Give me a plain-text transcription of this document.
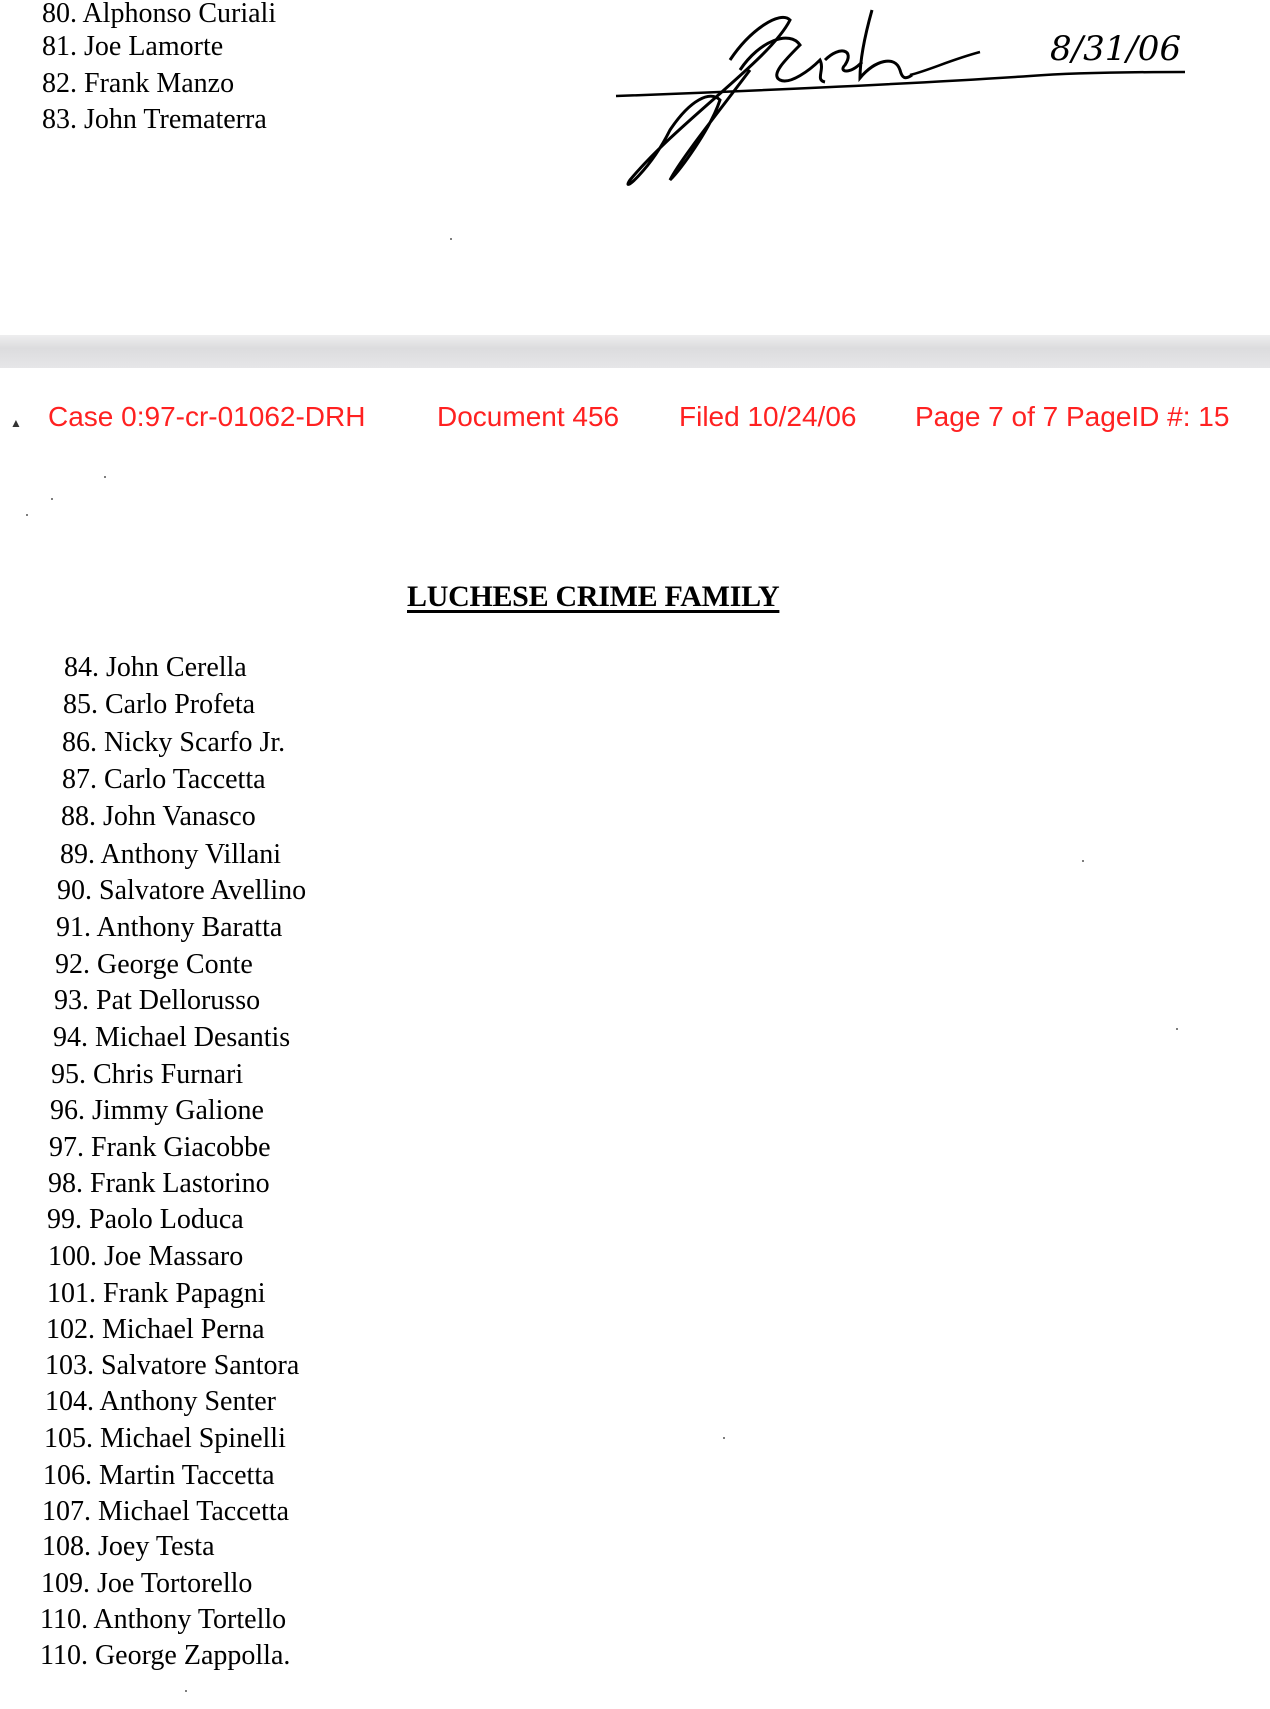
80. Alphonso Curiali
81. Joe Lamorte
82. Frank Manzo
83. John Trematerra
8/31/06
▲ Case 0:97-cr-01062-DRH	Document 456 Filed 10/24/06 Page 7 of 7 PageID #: 15
LUCHESE CRIME FAMILY
84. John Cerella
85. Carlo Profeta
86. Nicky Scarfo Jr.
87. Carlo Taccetta
88. John Vanasco
89. Anthony Villani
90. Salvatore Avellino
91. Anthony Baratta
92. George Conte
93. Pat Dellorusso
94. Michael Desantis
95. Chris Furnari
96. Jimmy Galione
97. Frank Giacobbe
98. Frank Lastorino
99. Paolo Loduca
100. Joe Massaro
101. Frank Papagni
102. Michael Perna
103. Salvatore Santora
104. Anthony Senter
105. Michael Spinelli
106. Martin Taccetta
107. Michael Taccetta
108. Joey Testa
109. Joe Tortorello
110. Anthony Tortello
110. George Zappolla.
